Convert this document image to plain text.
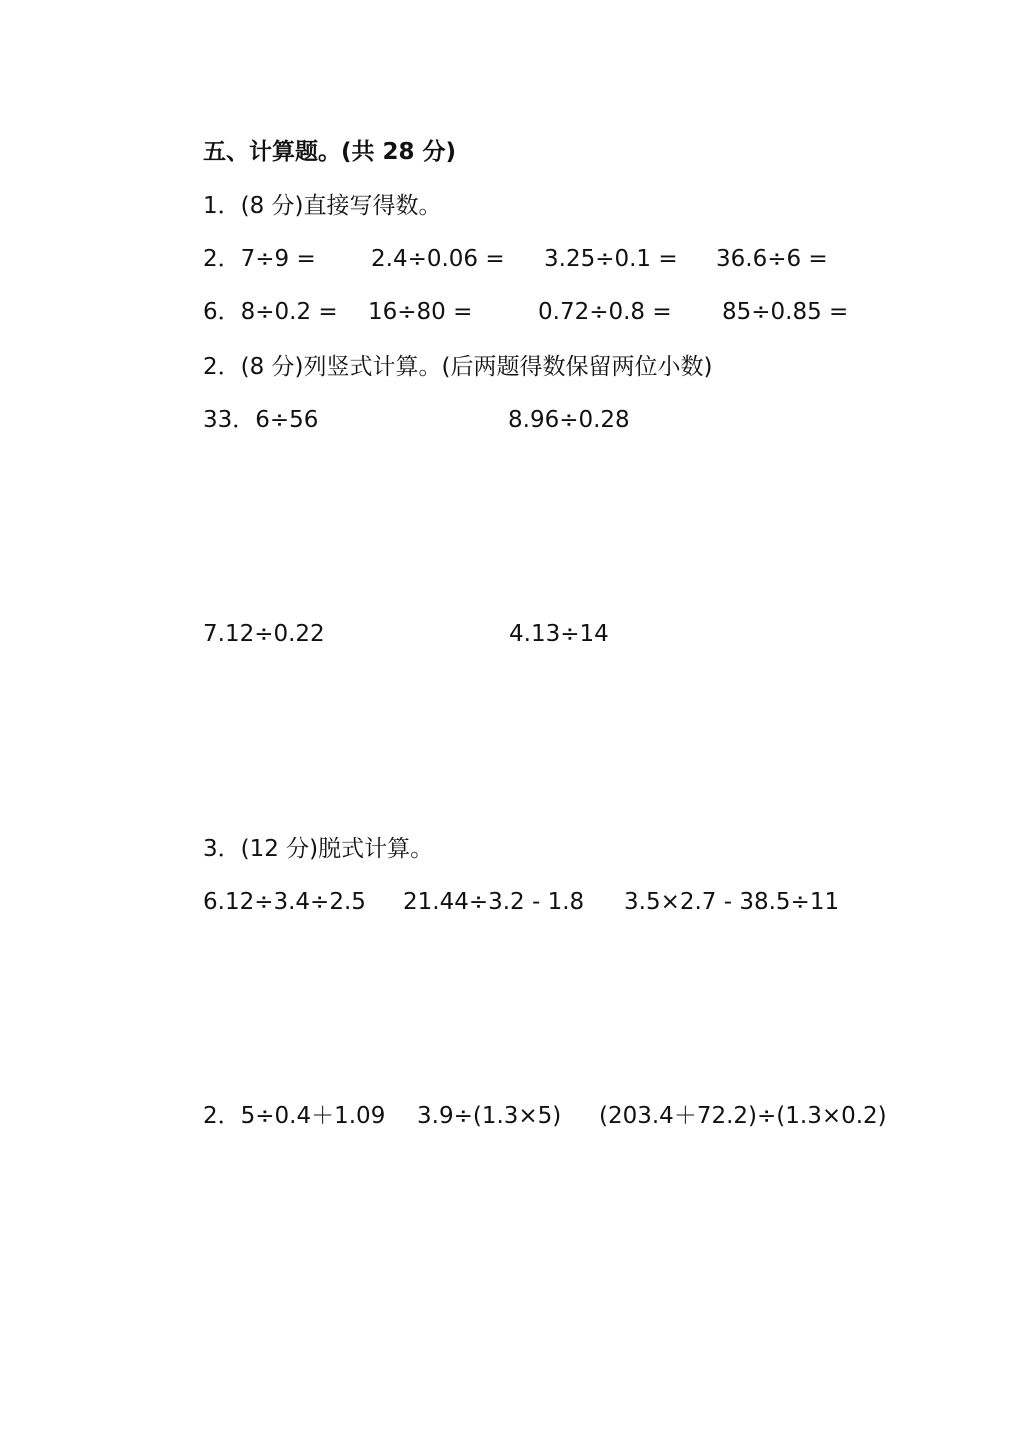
五、计算题。(共 28 分)
1．(8 分)直接写得数。
2．7÷9 = 2.4÷0.06 = 3.25÷0.1 = 36.6÷6 =
6．8÷0.2 = 16÷80 =	0.72÷0.8 = 85÷0.85 =
2．(8 分)列竖式计算。(后两题得数保留两位小数)
33．6÷56	8.96÷0.28
7.12÷0.22	4.13÷14
3．(12 分)脱式计算。
6.12÷3.4÷2.5 21.44÷3.2 - 1.8 3.5×2.7 - 38.5÷11
2．5÷0.4＋1.09 3.9÷(1.3×5) (203.4＋72.2)÷(1.3×0.2)
